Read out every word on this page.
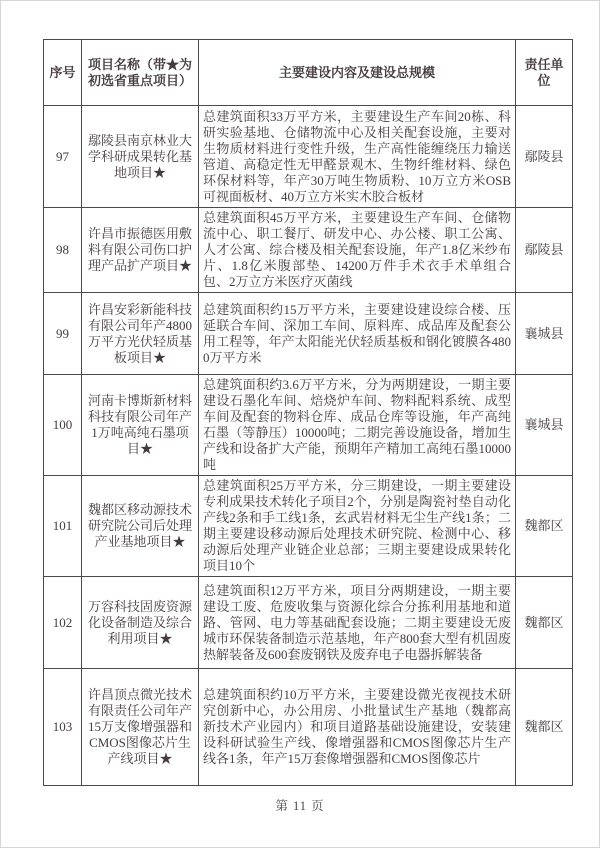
序号	项目名称（带★为初选省重点项目）	主要建设内容及建设总规模	责任单位
97	鄢陵县南京林业大学科研成果转化基地项目★	总建筑面积33万平方米，主要建设生产车间20栋、科研实验基地、仓储物流中心及相关配套设施，主要对生物质材料进行变性升级，生产高性能缠绕压力输送管道、高稳定性无甲醛景观木、生物纤维材料、绿色环保材料等，年产30万吨生物质粉、10万立方米OSB可视面板材、40万立方米实木胶合板材	鄢陵县
98	许昌市振德医用敷料有限公司伤口护理产品扩产项目★	总建筑面积45万平方米，主要建设生产车间、仓储物流中心、职工餐厅、研发中心、办公楼、职工公寓、人才公寓、综合楼及相关配套设施，年产1.8亿米纱布片、1.8亿米腹部垫、14200万件手术衣手术单组合包、2万立方米医疗灭菌线	鄢陵县
99	许昌安彩新能科技有限公司年产4800万平方光伏轻质基板项目★	总建筑面积约15万平方米，主要建设建设综合楼、压延联合车间、深加工车间、原料库、成品库及配套公用工程等，年产太阳能光伏轻质基板和钢化镀膜各4800万平方米	襄城县
100	河南卡博斯新材料科技有限公司年产1万吨高纯石墨项目★	总建筑面积约3.6万平方米，分为两期建设，一期主要建设石墨化车间、焙烧炉车间、物料配料系统、成型车间及配套的物料仓库、成品仓库等设施，年产高纯石墨（等静压）10000吨；二期完善设施设备，增加生产线和设备扩大产能，预期年产精加工高纯石墨10000吨	襄城县
101	魏都区移动源技术研究院公司后处理产业基地项目★	总建筑面积25万平方米，分三期建设，一期主要建设专利成果技术转化子项目2个，分别是陶瓷衬垫自动化产线2条和手工线1条，玄武岩材料无尘生产线1条；二期主要建设移动源后处理技术研究院、检测中心、移动源后处理产业链企业总部；三期主要建设成果转化项目10个	魏都区
102	万容科技固废资源化设备制造及综合利用项目★	总建筑面积12万平方米，项目分两期建设，一期主要建设工废、危废收集与资源化综合分拣利用基地和道路、管网、电力等基础配套设施；二期主要建设无废城市环保装备制造示范基地，年产800套大型有机固废热解装备及600套废钢铁及废弃电子电器拆解装备	魏都区
103	许昌顶点微光技术有限责任公司年产15万支像增强器和CMOS图像芯片生产线项目★	总建筑面积约10万平方米，主要建设微光夜视技术研究创新中心，办公用房、小批量试生产基地（魏都高新技术产业园内）和项目道路基础设施建设，安装建设科研试验生产线、像增强器和CMOS图像芯片生产线各1条，年产15万套像增强器和CMOS图像芯片	魏都区
第 11 页
